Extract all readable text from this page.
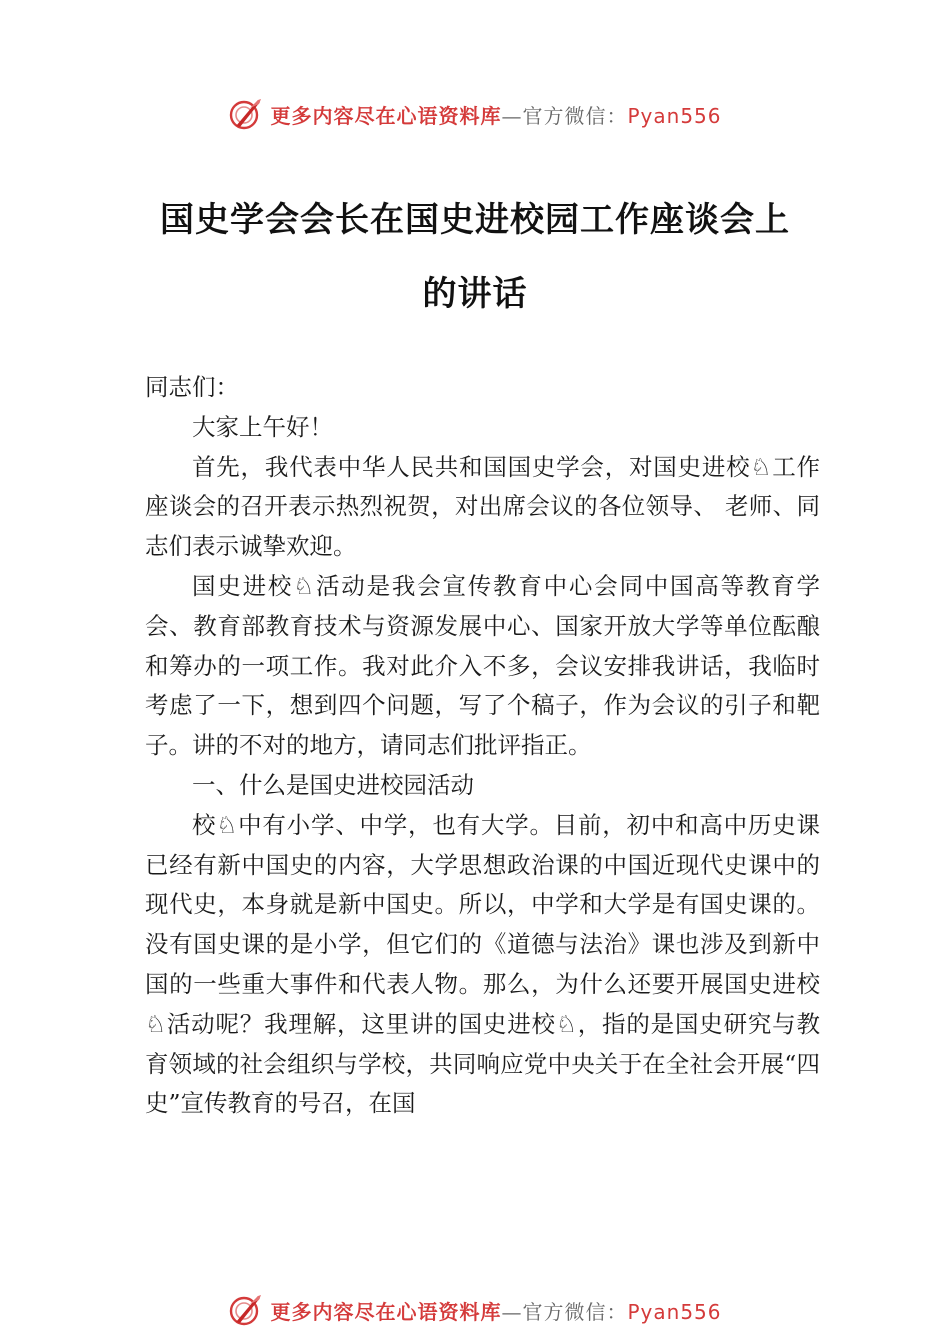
更多内容尽在心语资料库—官方微信：Pyan556
国史学会会长在国史进校园工作座谈会上
的讲话

同志们：

大家上午好！

首先，我代表中华人民共和国国史学会，对国史进校♘工作座谈会的召开表示热烈祝贺，对出席会议的各位领导、 老师、同志们表示诚挚欢迎。

国史进校♘活动是我会宣传教育中心会同中国高等教育学会、教育部教育技术与资源发展中心、国家开放大学等单位酝酿和筹办的一项工作。我对此介入不多，会议安排我讲话，我临时考虑了一下，想到四个问题，写了个稿子，作为会议的引子和靶子。讲的不对的地方，请同志们批评指正。

一、什么是国史进校园活动

校♘中有小学、中学，也有大学。目前，初中和高中历史课已经有新中国史的内容，大学思想政治课的中国近现代史课中的现代史，本身就是新中国史。所以，中学和大学是有国史课的。没有国史课的是小学，但它们的《道德与法治》课也涉及到新中国的一些重大事件和代表人物。那么，为什么还要开展国史进校♘活动呢？我理解，这里讲的国史进校♘，指的是国史研究与教育领域的社会组织与学校，共同响应党中央关于在全社会开展“四史”宣传教育的号召，在国

更多内容尽在心语资料库—官方微信：Pyan556
